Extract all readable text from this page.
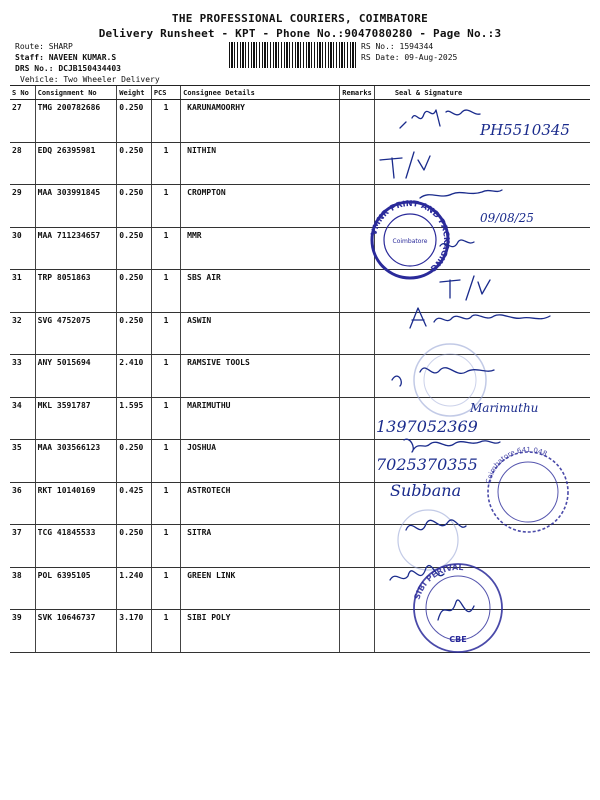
THE PROFESSIONAL COURIERS, COIMBATORE
Delivery Runsheet - KPT - Phone No.:9047080280 - Page No.:3
Route: SHARP
Staff: NAVEEN KUMAR.S
DRS No.: DCJB150434403
Vehicle: Two Wheeler Delivery
RS No.: 1594344
RS Date: 09-Aug-2025
S No	Consignment No	Weight	PCS	Consignee Details	Remarks	Seal & Signature
27	TMG 200782686	0.250	1	KARUNAMOORHY		
28	EDQ 26395981	0.250	1	NITHIN		
29	MAA 303991845	0.250	1	CROMPTON		
30	MAA 711234657	0.250	1	MMR		
31	TRP 8051863	0.250	1	SBS AIR		
32	SVG 4752075	0.250	1	ASWIN		
33	ANY 5015694	2.410	1	RAMSIVE TOOLS		
34	MKL 3591787	1.595	1	MARIMUTHU		
35	MAA 303566123	0.250	1	JOSHUA		
36	RKT 10140169	0.425	1	ASTROTECH		
37	TCG 41845533	0.250	1	SITRA		
38	POL 6395105	1.240	1	GREEN LINK		
39	SVK 10646737	3.170	1	SIBI POLY		
PH5510345
09/08/25
VMNR PRINT AND PACKAGING
Coimbatore
Marimuthu
1397052369
7025370355
Coimbatore 641 048
Subbana
SIBI PERIVAL
CBE
